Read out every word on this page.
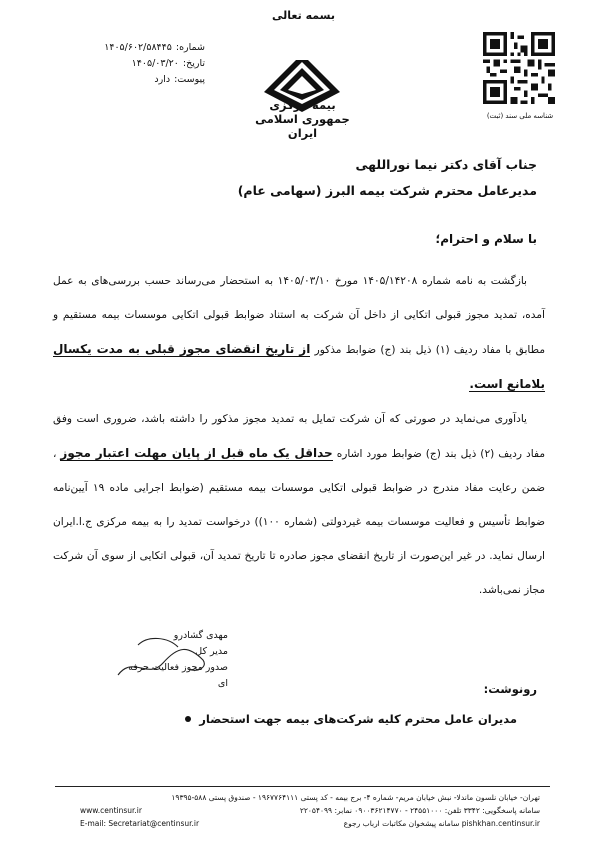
بسمه تعالی
شماره:
۱۴۰۵/۶۰۲/۵۸۴۴۵
تاریخ:
۱۴۰۵/۰۳/۲۰
پیوست:
دارد
بیمه مرکزی
جمهوری اسلامی ایران
شناسه ملی سند (ثبت)
جناب آقای دکتر نیما نوراللهی
مدیرعامل محترم شرکت بیمه البرز (سهامی عام)
با سلام و احترام؛

بازگشت به نامه شماره ۱۴۰۵/۱۴۲۰۸ مورخ ۱۴۰۵/۰۳/۱۰ به استحضار می‌رساند حسب بررسی‌های به عمل آمده، تمدید مجوز قبولی اتکایی از داخل آن شرکت به استناد ضوابط قبولی اتکایی موسسات بیمه مستقیم و مطابق با مفاد ردیف (۱) ذیل بند (ج) ضوابط مذکور از تاریخ انقضای مجوز قبلی به مدت یکسال بلامانع است.

یادآوری می‌نماید در صورتی که آن شرکت تمایل به تمدید مجوز مذکور را داشته باشد، ضروری است وفق مفاد ردیف (۲) ذیل بند (ج) ضوابط مورد اشاره حداقل یک ماه قبل از پایان مهلت اعتبار مجوز ، ضمن رعایت مفاد مندرج در ضوابط قبولی اتکایی موسسات بیمه مستقیم (ضوابط اجرایی ماده ۱۹ آیین‌نامه ضوابط تأسیس و فعالیت موسسات بیمه غیردولتی (شماره ۱۰۰)) درخواست تمدید را به بیمه مرکزی ج.ا.ایران ارسال نماید. در غیر این‌صورت از تاریخ انقضای مجوز صادره تا تاریخ تمدید آن، قبولی اتکایی از سوی آن شرکت مجاز نمی‌باشد.

مهدی گشادرو
مدیر کل
صدور مجوز فعالیت حرفه ای	رونوشت:
مدیران عامل محترم کلیه شرکت‌های بیمه جهت استحضار
تهران- خیابان نلسون ماندلا- نبش خیابان مریم- شماره ۴- برج بیمه - کد پستی ۱۹۶۷۷۶۴۱۱۱ - صندوق پستی ۵۸۸-۱۹۳۹۵
سامانه پاسخگویی: ۳۳۴۲ تلفن: ۲۴۵۵۱۰۰۰ - ۰۹۰۰۳۶۲۱۴۷۷۰ نمابر: ۲۲۰۵۴۰۹۹
www.centinsur.ir
pishkhan.centinsur.ir سامانه پیشخوان مکاتبات ارباب رجوع
E-mail: Secretariat@centinsur.ir
